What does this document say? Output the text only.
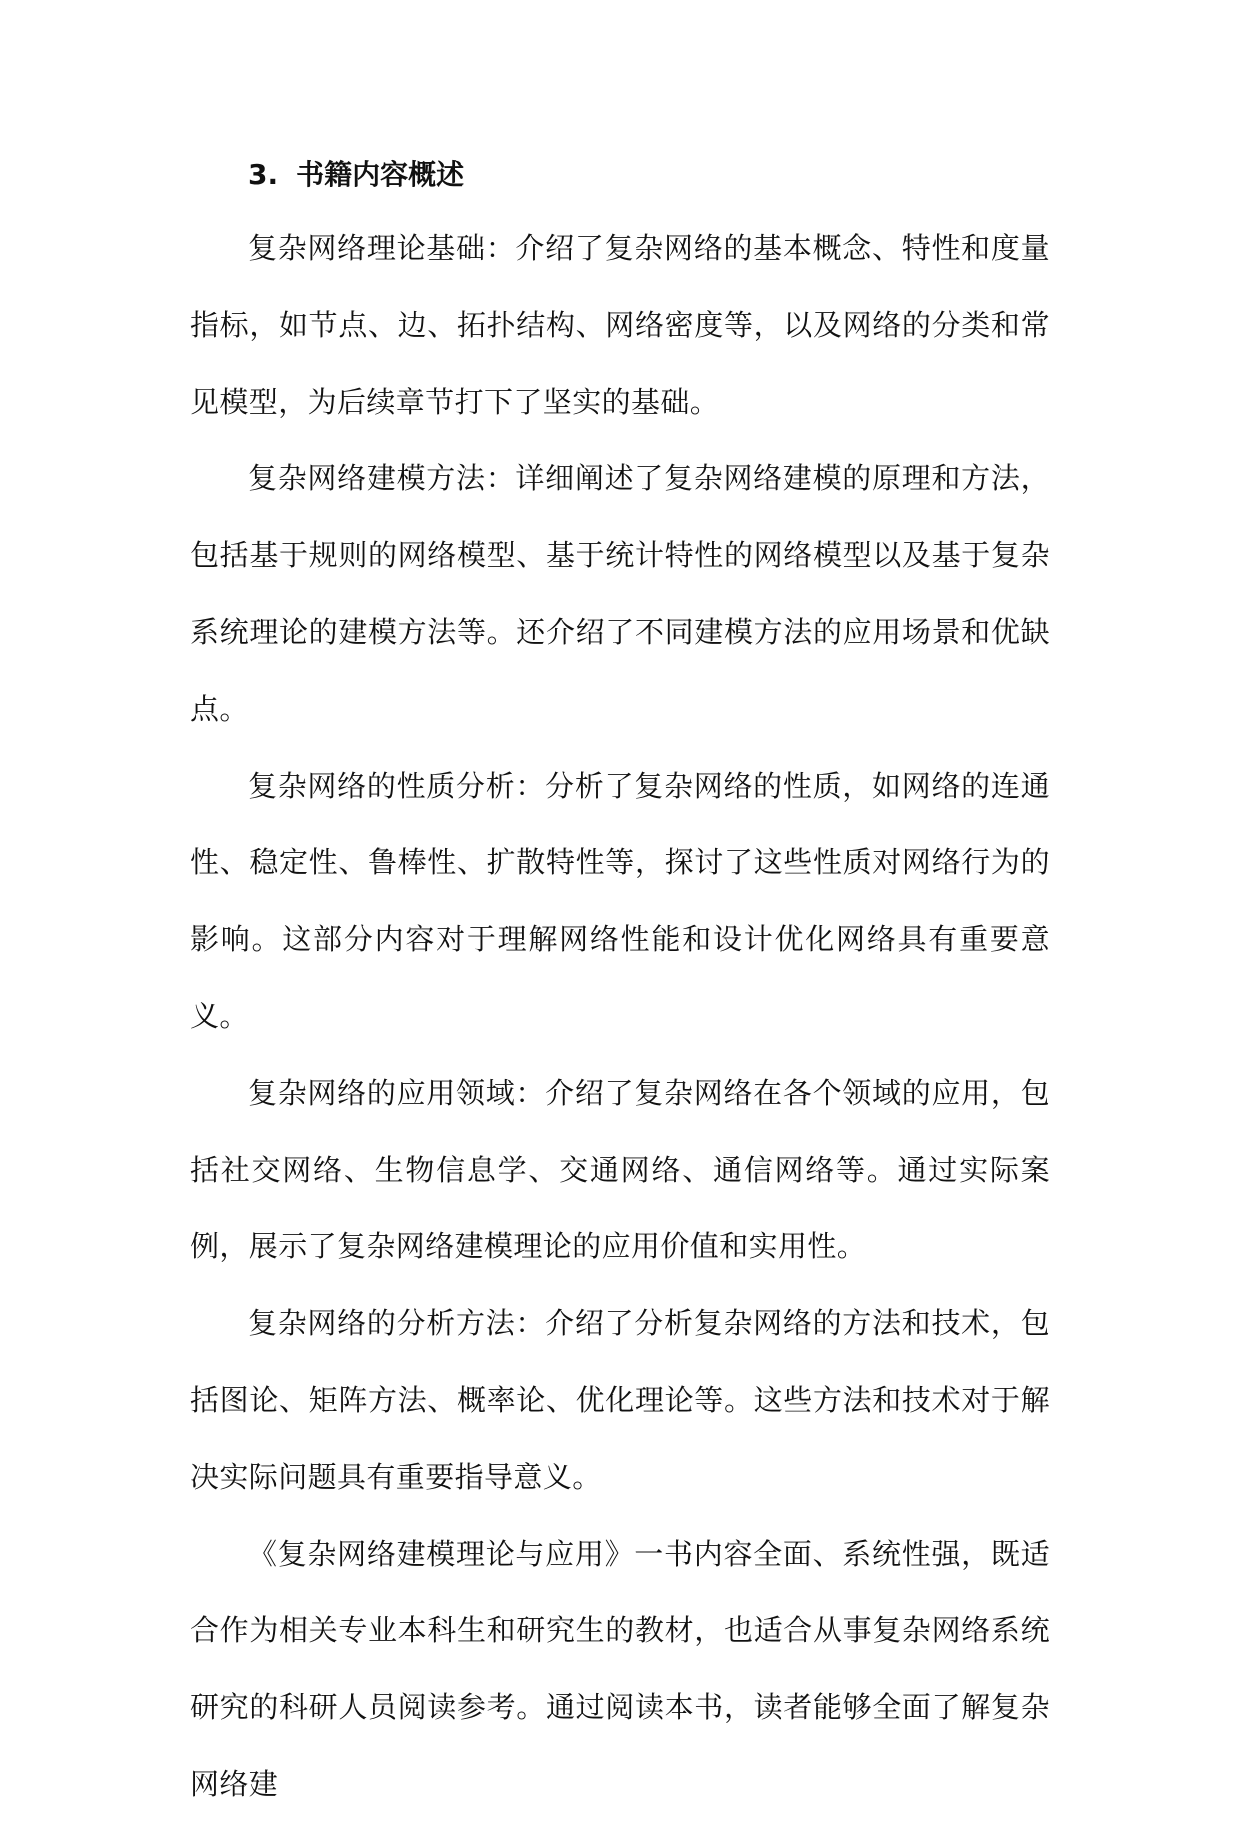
3. 书籍内容概述

复杂网络理论基础：介绍了复杂网络的基本概念、特性和度量指标，如节点、边、拓扑结构、网络密度等，以及网络的分类和常见模型，为后续章节打下了坚实的基础。

复杂网络建模方法：详细阐述了复杂网络建模的原理和方法，包括基于规则的网络模型、基于统计特性的网络模型以及基于复杂系统理论的建模方法等。还介绍了不同建模方法的应用场景和优缺点。

复杂网络的性质分析：分析了复杂网络的性质，如网络的连通性、稳定性、鲁棒性、扩散特性等，探讨了这些性质对网络行为的影响。这部分内容对于理解网络性能和设计优化网络具有重要意义。

复杂网络的应用领域：介绍了复杂网络在各个领域的应用，包括社交网络、生物信息学、交通网络、通信网络等。通过实际案例，展示了复杂网络建模理论的应用价值和实用性。

复杂网络的分析方法：介绍了分析复杂网络的方法和技术，包括图论、矩阵方法、概率论、优化理论等。这些方法和技术对于解决实际问题具有重要指导意义。

《复杂网络建模理论与应用》一书内容全面、系统性强，既适合作为相关专业本科生和研究生的教材，也适合从事复杂网络系统研究的科研人员阅读参考。通过阅读本书，读者能够全面了解复杂网络建
